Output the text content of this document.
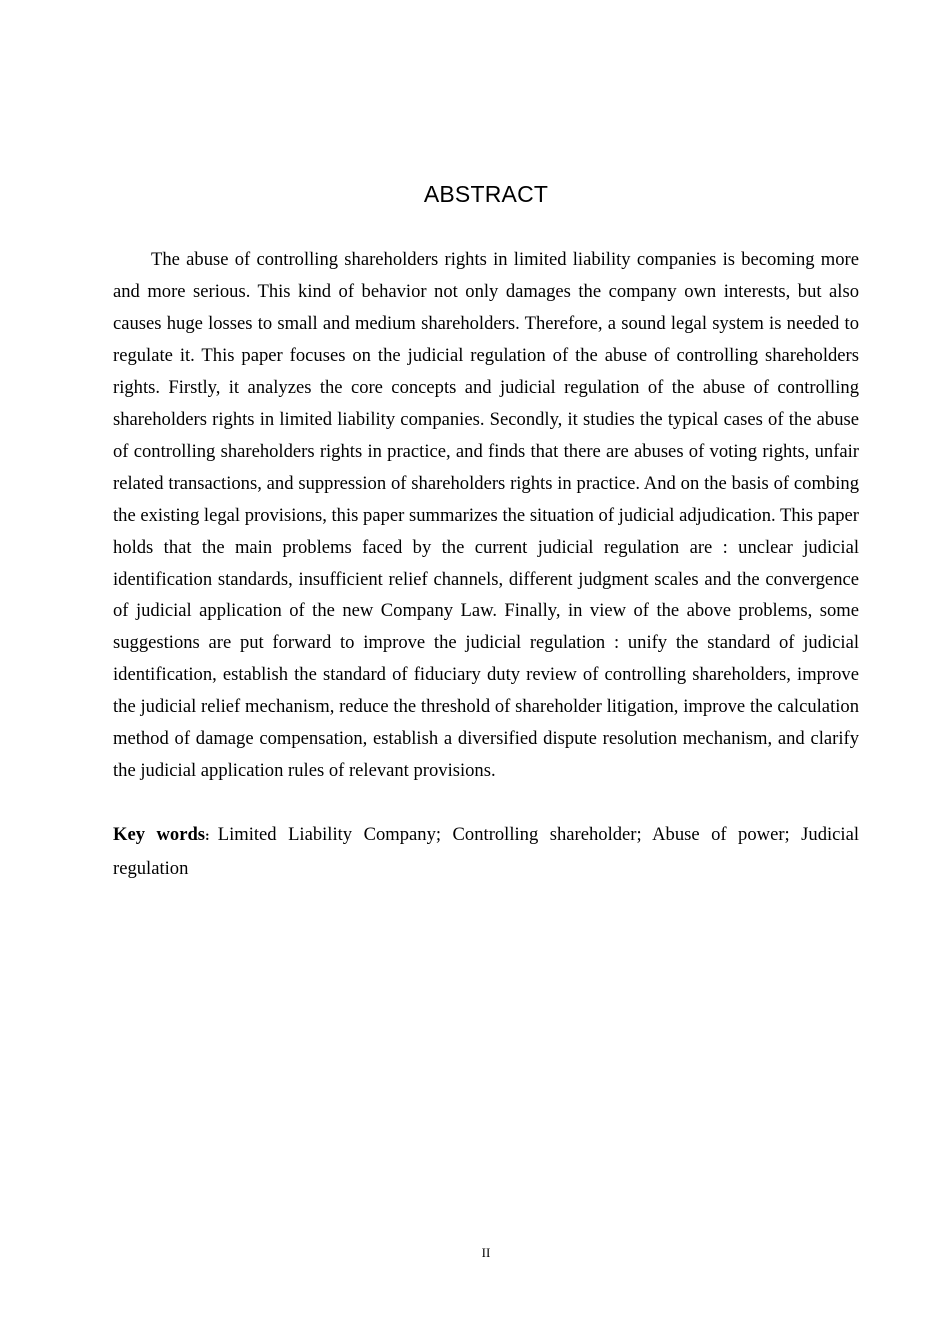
ABSTRACT

The abuse of controlling shareholders rights in limited liability companies is becoming more and more serious. This kind of behavior not only damages the company own interests, but also causes huge losses to small and medium shareholders. Therefore, a sound legal system is needed to regulate it. This paper focuses on the judicial regulation of the abuse of controlling shareholders rights. Firstly, it analyzes the core concepts and judicial regulation of the abuse of controlling shareholders rights in limited liability companies. Secondly, it studies the typical cases of the abuse of controlling shareholders rights in practice, and finds that there are abuses of voting rights, unfair related transactions, and suppression of shareholders rights in practice. And on the basis of combing the existing legal provisions, this paper summarizes the situation of judicial adjudication. This paper holds that the main problems faced by the current judicial regulation are : unclear judicial identification standards, insufficient relief channels, different judgment scales and the convergence of judicial application of the new Company Law. Finally, in view of the above problems, some suggestions are put forward to improve the judicial regulation : unify the standard of judicial identification, establish the standard of fiduciary duty review of controlling shareholders, improve the judicial relief mechanism, reduce the threshold of shareholder litigation, improve the calculation method of damage compensation, establish a diversified dispute resolution mechanism, and clarify the judicial application rules of relevant provisions.

Key words: Limited Liability Company; Controlling shareholder; Abuse of power; Judicial regulation

II
